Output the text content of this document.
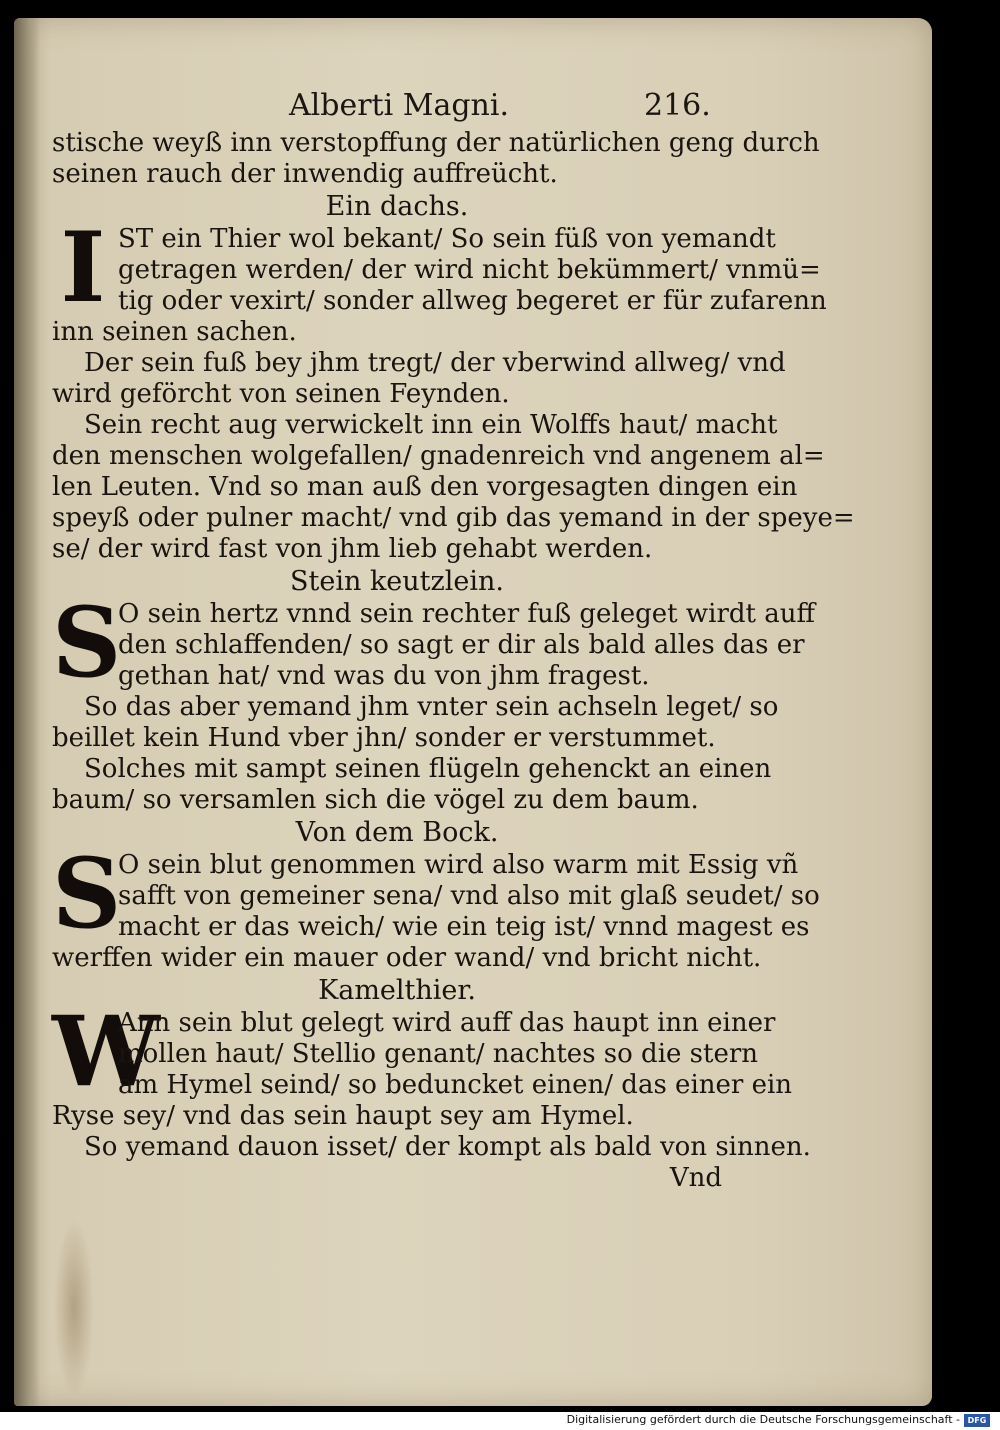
Alberti Magni.	216.
stische weyß inn verstopffung der natürlichen geng durch
seinen rauch der inwendig auffreücht.
Ein dachs.
I ST ein Thier wol bekant/ So sein füß von yemandt
getragen werden/ der wird nicht bekümmert/ vnmü=
tig oder vexirt/ sonder allweg begeret er für zufarenn
inn seinen sachen.
Der sein fuß bey jhm tregt/ der vberwind allweg/ vnd
wird geförcht von seinen Feynden.
Sein recht aug verwickelt inn ein Wolffs haut/ macht
den menschen wolgefallen/ gnadenreich vnd angenem al=
len Leuten. Vnd so man auß den vorgesagten dingen ein
speyß oder pulner macht/ vnd gib das yemand in der speye=
se/ der wird fast von jhm lieb gehabt werden.
Stein keutzlein.
S
O sein hertz vnnd sein rechter fuß geleget wirdt auff
den schlaffenden/ so sagt er dir als bald alles das er
gethan hat/ vnd was du von jhm fragest.
So das aber yemand jhm vnter sein achseln leget/ so
beillet kein Hund vber jhn/ sonder er verstummet.
Solches mit sampt seinen flügeln gehenckt an einen
baum/ so versamlen sich die vögel zu dem baum.
Von dem Bock.
S
O sein blut genommen wird also warm mit Essig vñ
safft von gemeiner sena/ vnd also mit glaß seudet/ so
macht er das weich/ wie ein teig ist/ vnnd magest es
werffen wider ein mauer oder wand/ vnd bricht nicht.
Kamelthier.
W
Ann sein blut gelegt wird auff das haupt inn einer
mollen haut/ Stellio genant/ nachtes so die stern
am Hymel seind/ so beduncket einen/ das einer ein
Ryse sey/ vnd das sein haupt sey am Hymel.
So yemand dauon isset/ der kompt als bald von sinnen.
Vnd
Digitalisierung gefördert durch die Deutsche Forschungsgemeinschaft - DFG
